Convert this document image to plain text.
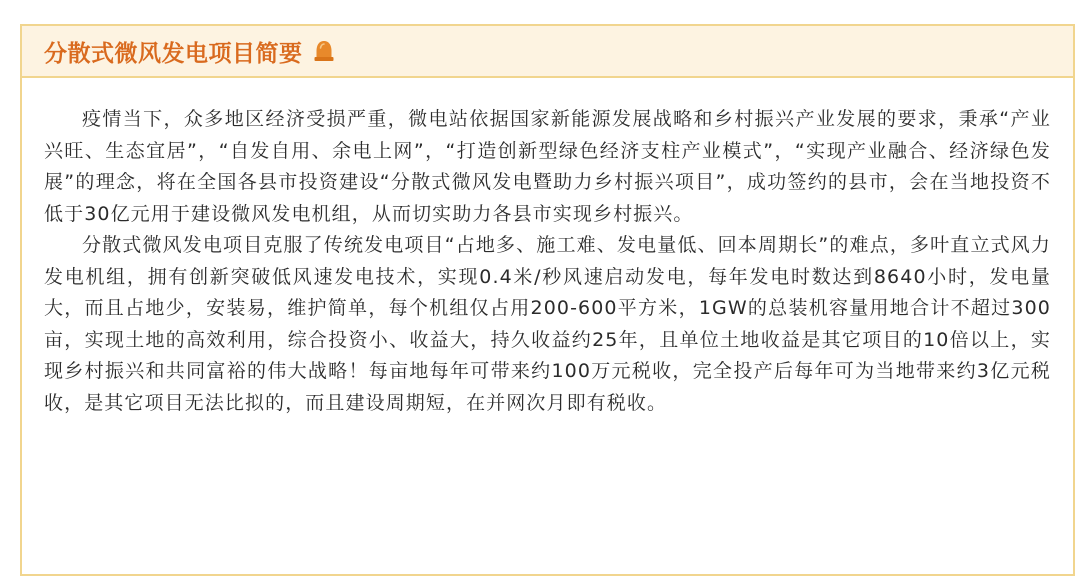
分散式微风发电项目简要

疫情当下，众多地区经济受损严重，微电站依据国家新能源发展战略和乡村振兴产业发展的要求，秉承“产业兴旺、生态宜居”，“自发自用、余电上网”，“打造创新型绿色经济支柱产业模式”，“实现产业融合、经济绿色发展”的理念，将在全国各县市投资建设“分散式微风发电暨助力乡村振兴项目”，成功签约的县市，会在当地投资不低于30亿元用于建设微风发电机组，从而切实助力各县市实现乡村振兴。

分散式微风发电项目克服了传统发电项目“占地多、施工难、发电量低、回本周期长”的难点，多叶直立式风力发电机组，拥有创新突破低风速发电技术，实现0.4米/秒风速启动发电，每年发电时数达到8640小时，发电量大，而且占地少，安装易，维护简单，每个机组仅占用200-600平方米，1GW的总装机容量用地合计不超过300亩，实现土地的高效利用，综合投资小、收益大，持久收益约25年，且单位土地收益是其它项目的10倍以上，实现乡村振兴和共同富裕的伟大战略！每亩地每年可带来约100万元税收，完全投产后每年可为当地带来约3亿元税收，是其它项目无法比拟的，而且建设周期短，在并网次月即有税收。
